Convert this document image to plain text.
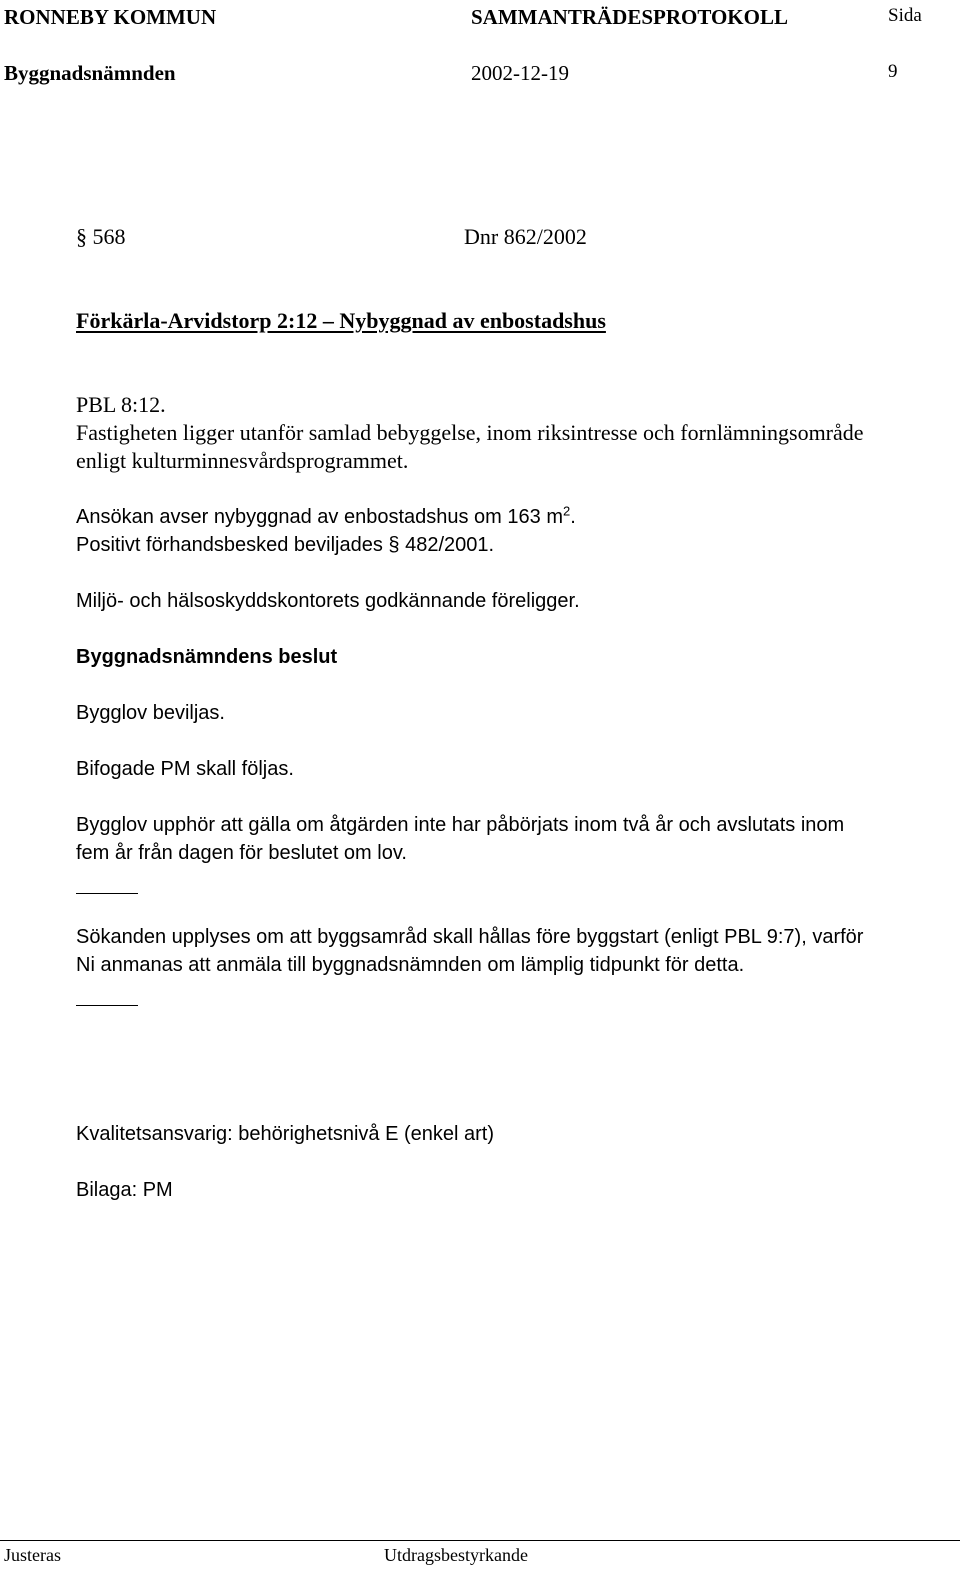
RONNEBY KOMMUN	SAMMANTRÄDESPROTOKOLL	Sida
Byggnadsnämnden	2002-12-19	9
§ 568	Dnr 862/2002
Förkärla-Arvidstorp 2:12 – Nybyggnad av enbostadshus
PBL 8:12.
Fastigheten ligger utanför samlad bebyggelse, inom riksintresse och fornlämningsområde
enligt kulturminnesvårdsprogrammet.
Ansökan avser nybyggnad av enbostadshus om 163 $m^2$.
Positivt förhandsbesked beviljades § 482/2001.
Miljö- och hälsoskyddskontorets godkännande föreligger.
Byggnadsnämndens beslut
Bygglov beviljas.
Bifogade PM skall följas.
Bygglov upphör att gälla om åtgärden inte har påbörjats inom två år och avslutats inom
fem år från dagen för beslutet om lov.
Sökanden upplyses om att byggsamråd skall hållas före byggstart (enligt PBL 9:7), varför
Ni anmanas att anmäla till byggnadsnämnden om lämplig tidpunkt för detta.
Kvalitetsansvarig: behörighetsnivå E (enkel art)
Bilaga: PM
Justeras	Utdragsbestyrkande
